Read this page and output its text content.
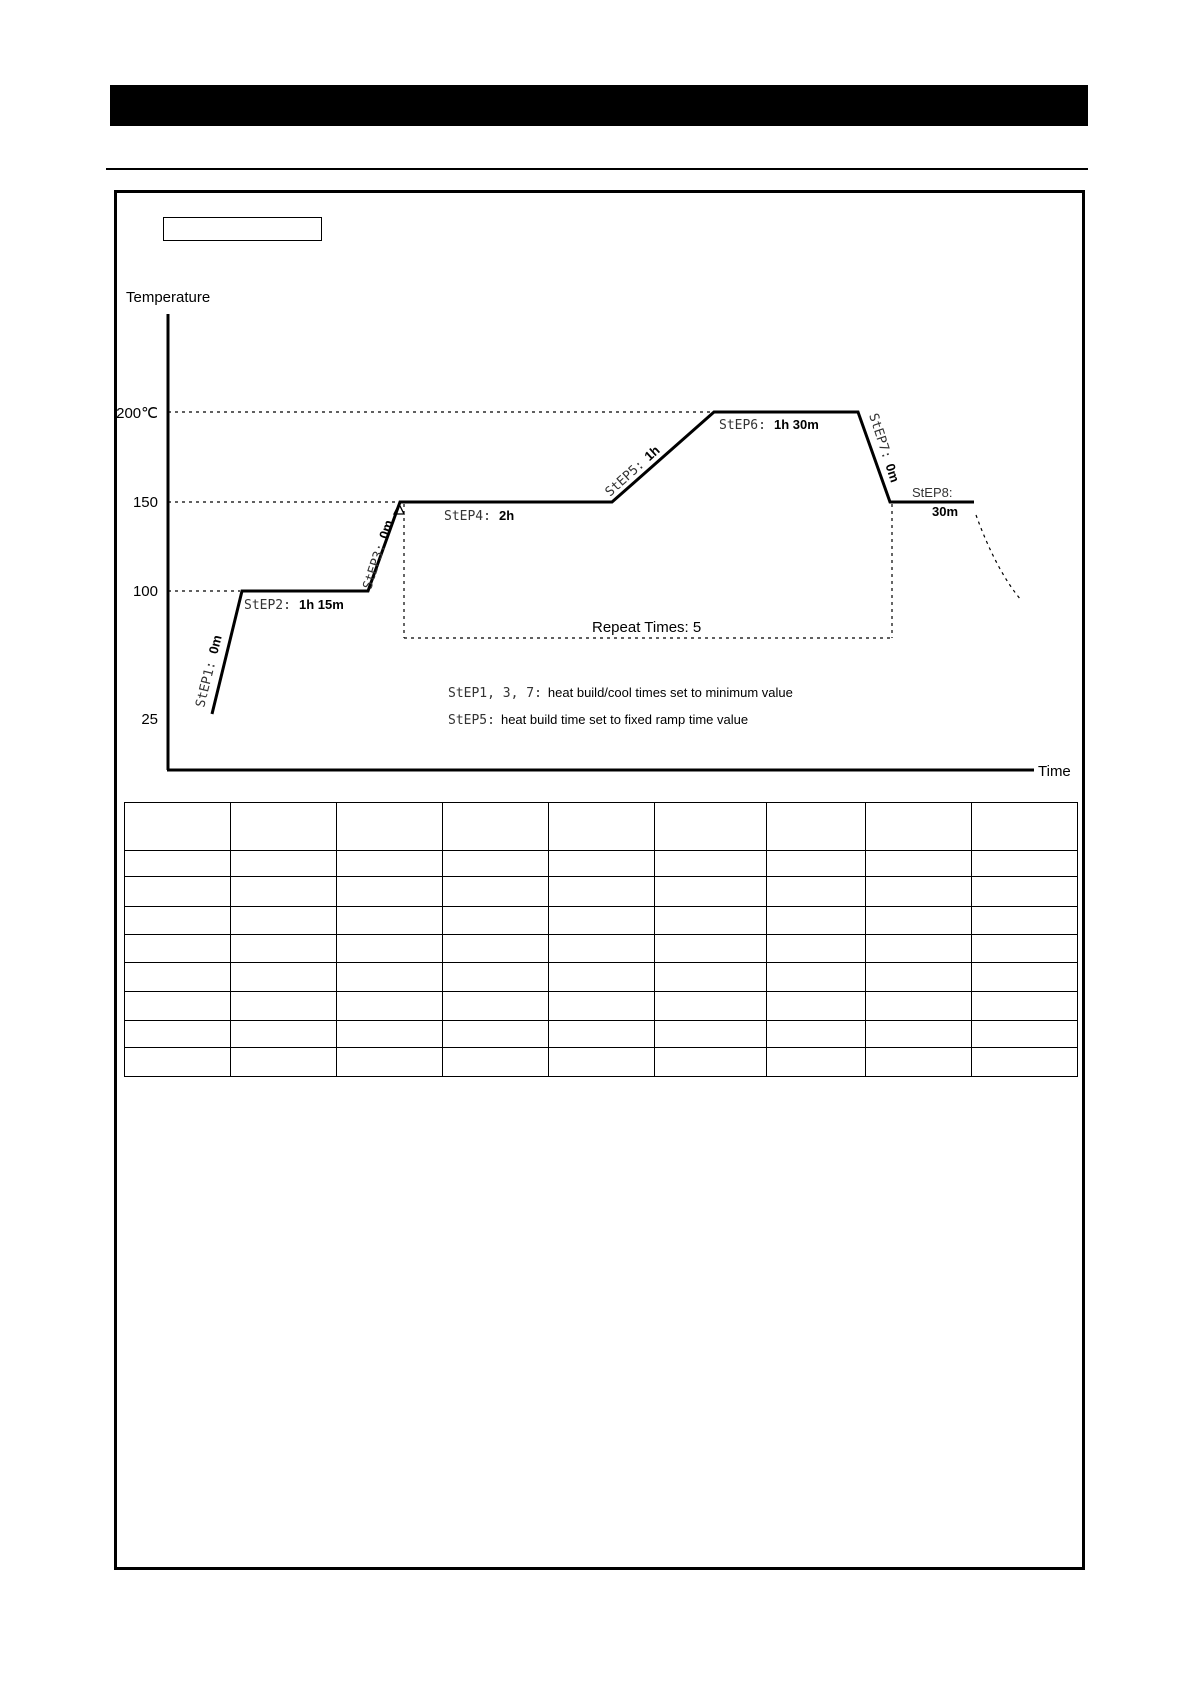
Temperature
Time
200℃
150
100
25
StEP1:0m
StEP2: 1h 15m
StEP3:0m
StEP4: 2h
StEP5:1h
StEP6: 1h 30m	StEP7:0m
StEP8:
30m
Repeat Times: 5
StEP1, 3, 7: heat build/cool times set to minimum value
StEP5: heat build time set to fixed ramp time value
